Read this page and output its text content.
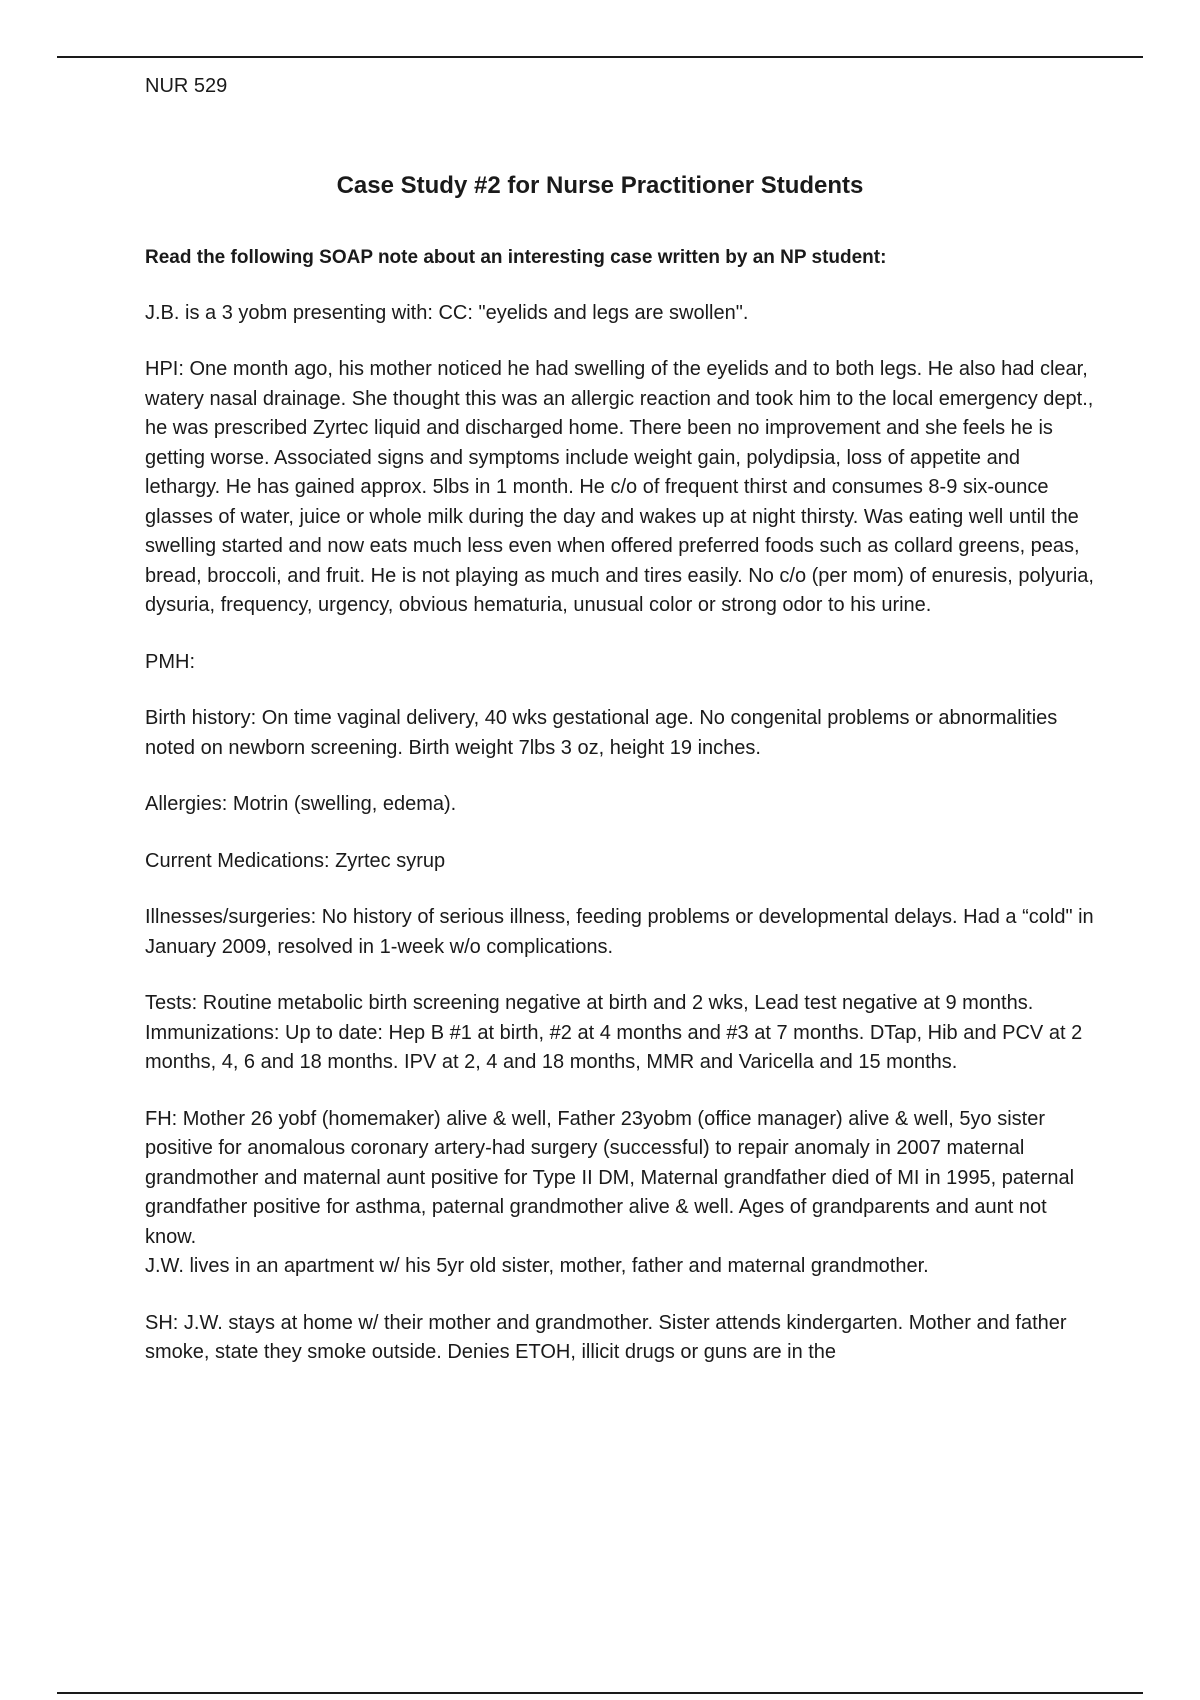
NUR 529
Case Study #2 for Nurse Practitioner Students

Read the following SOAP note about an interesting case written by an NP student:

J.B. is a 3 yobm presenting with: CC: "eyelids and legs are swollen".

HPI: One month ago, his mother noticed he had swelling of the eyelids and to both legs. He also had clear, watery nasal drainage. She thought this was an allergic reaction and took him to the local emergency dept., he was prescribed Zyrtec liquid and discharged home. There been no improvement and she feels he is getting worse. Associated signs and symptoms include weight gain, polydipsia, loss of appetite and lethargy. He has gained approx. 5lbs in 1 month. He c/o of frequent thirst and consumes 8-9 six-ounce glasses of water, juice or whole milk during the day and wakes up at night thirsty. Was eating well until the swelling started and now eats much less even when offered preferred foods such as collard greens, peas, bread, broccoli, and fruit. He is not playing as much and tires easily. No c/o (per mom) of enuresis, polyuria, dysuria, frequency, urgency, obvious hematuria, unusual color or strong odor to his urine.

PMH:

Birth history: On time vaginal delivery, 40 wks gestational age. No congenital problems or abnormalities noted on newborn screening. Birth weight 7lbs 3 oz, height 19 inches.

Allergies: Motrin (swelling, edema).

Current Medications: Zyrtec syrup

Illnesses/surgeries: No history of serious illness, feeding problems or developmental delays. Had a “cold" in January 2009, resolved in 1-week w/o complications.

Tests: Routine metabolic birth screening negative at birth and 2 wks, Lead test negative at 9 months. Immunizations: Up to date: Hep B #1 at birth, #2 at 4 months and #3 at 7 months. DTap, Hib and PCV at 2 months, 4, 6 and 18 months. IPV at 2, 4 and 18 months, MMR and Varicella and 15 months.

FH: Mother 26 yobf (homemaker) alive & well, Father 23yobm (office manager) alive & well, 5yo sister positive for anomalous coronary artery-had surgery (successful) to repair anomaly in 2007 maternal grandmother and maternal aunt positive for Type II DM, Maternal grandfather died of MI in 1995, paternal grandfather positive for asthma, paternal grandmother alive & well. Ages of grandparents and aunt not know.

J.W. lives in an apartment w/ his 5yr old sister, mother, father and maternal grandmother.

SH: J.W. stays at home w/ their mother and grandmother. Sister attends kindergarten. Mother and father smoke, state they smoke outside. Denies ETOH, illicit drugs or guns are in the
